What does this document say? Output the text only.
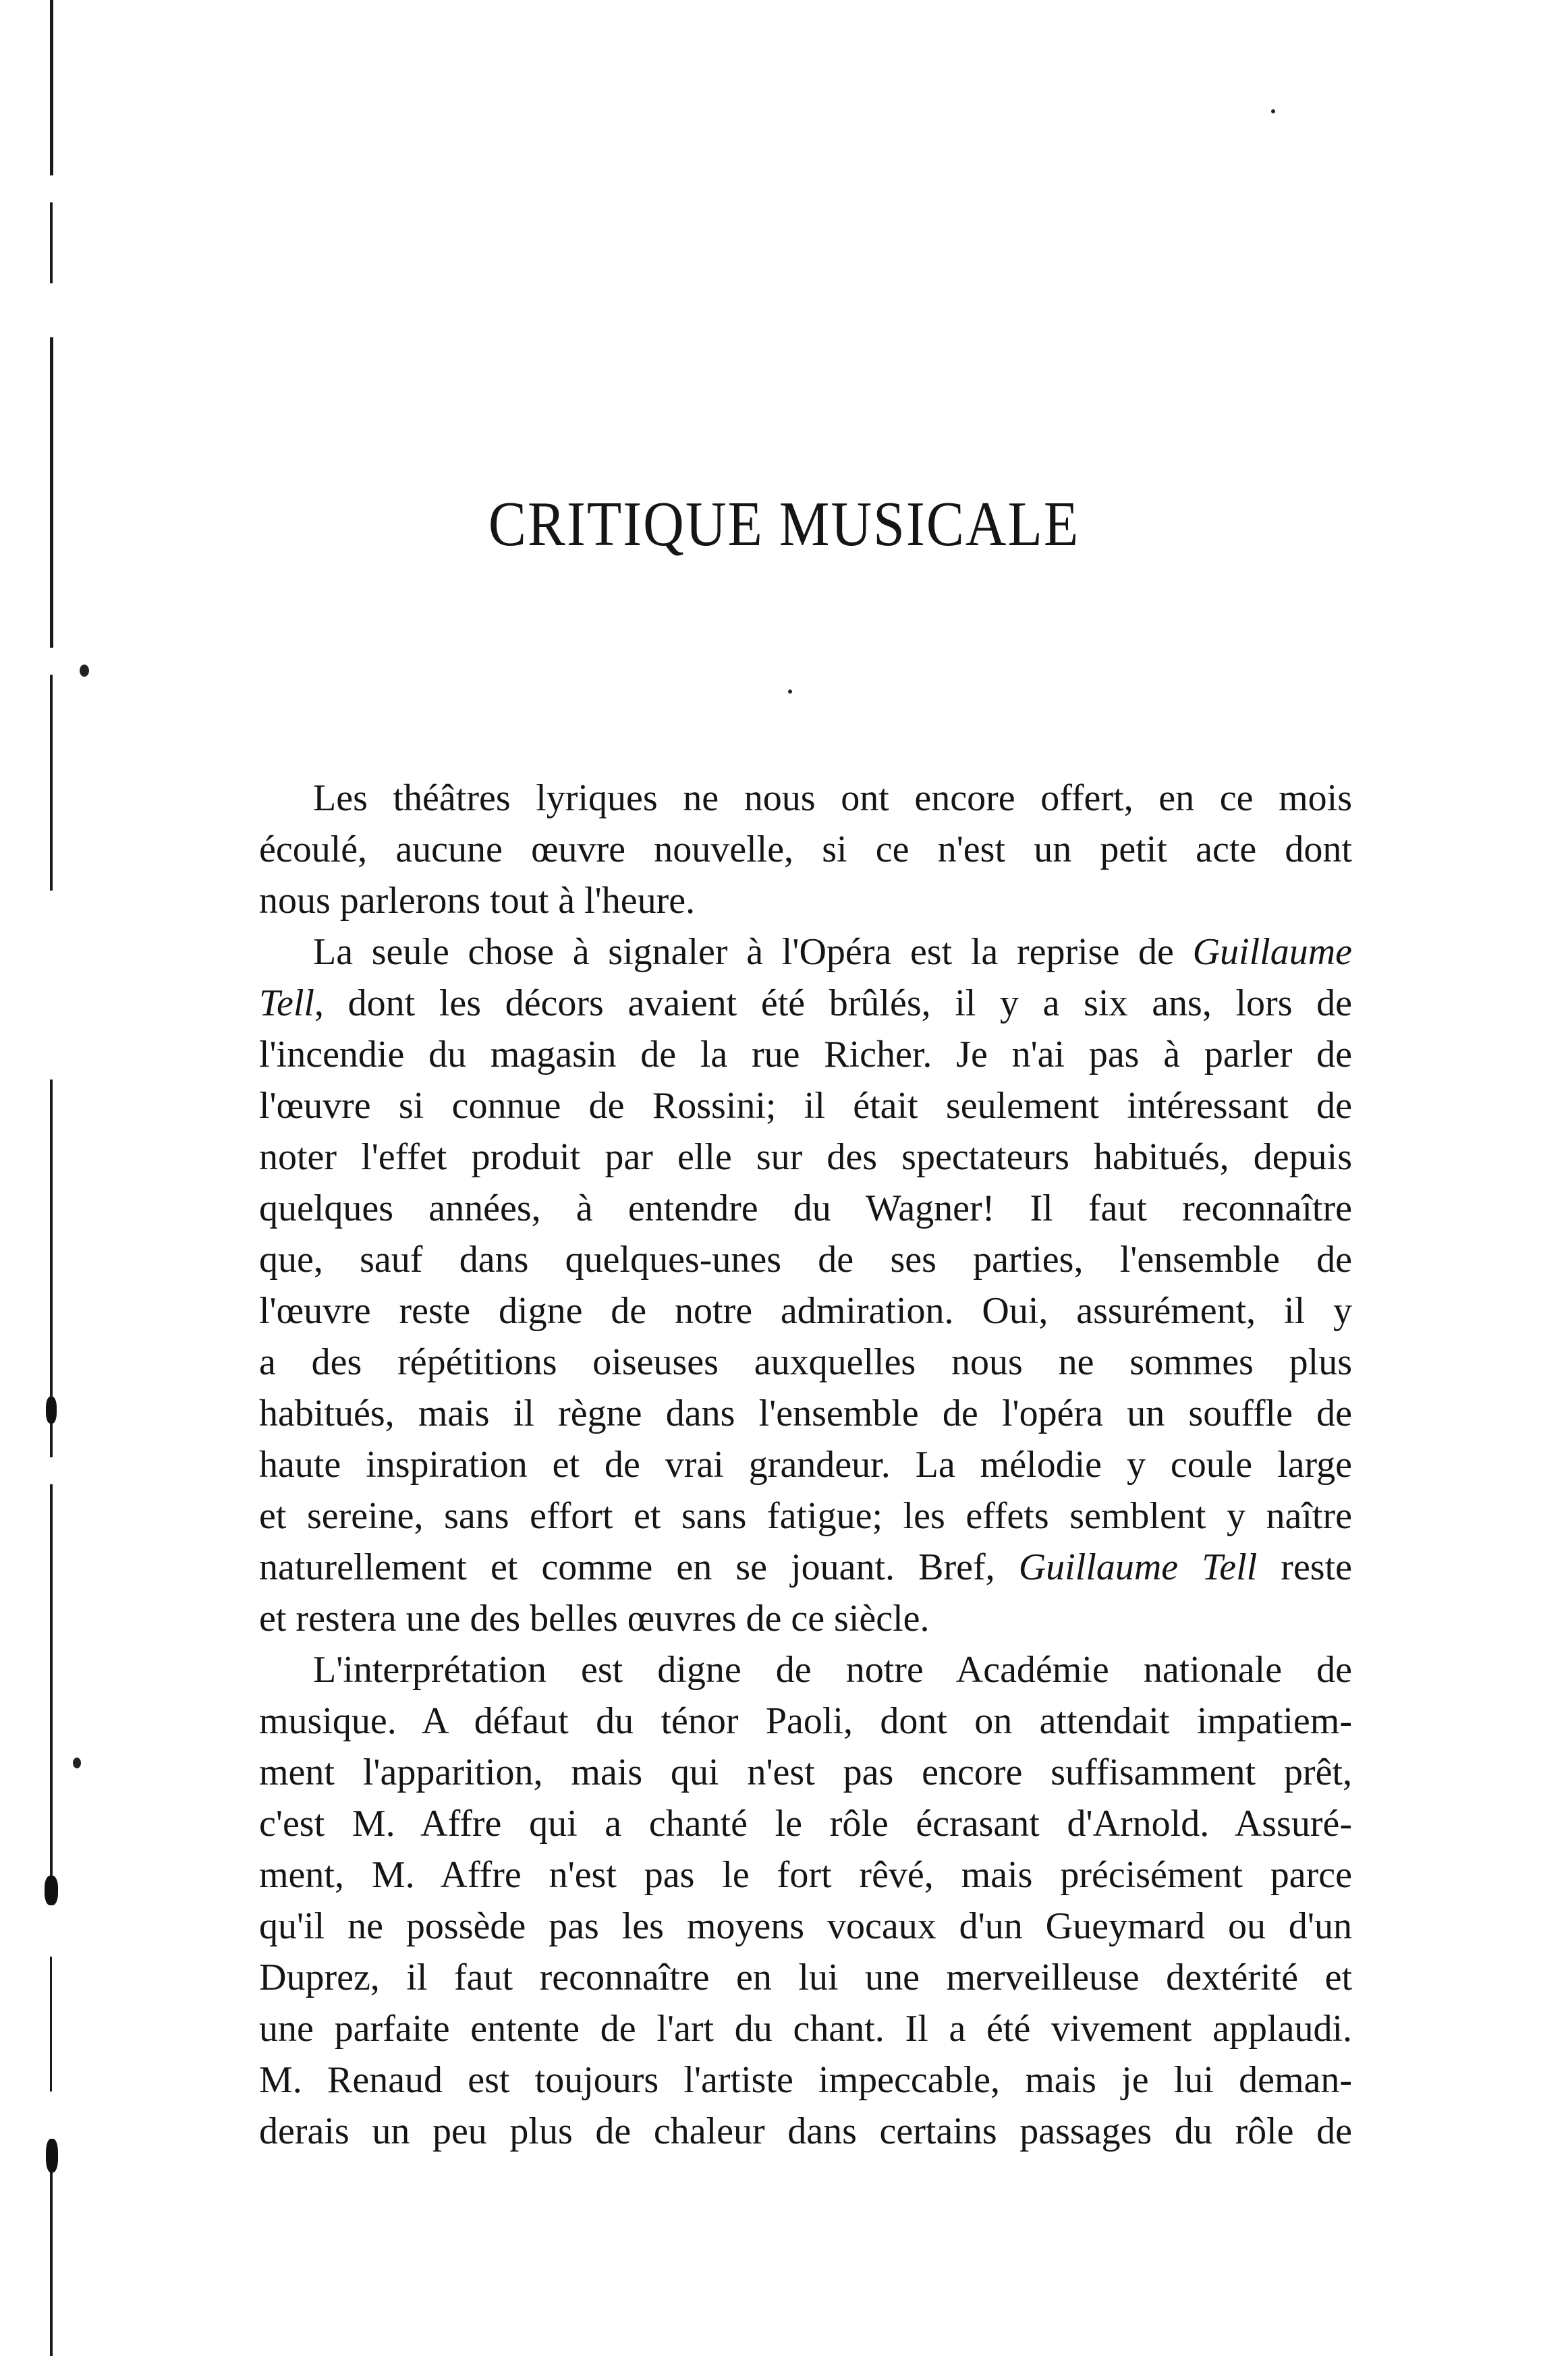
CRITIQUE MUSICALE
Les théâtres lyriques ne nous ont encore offert, en ce mois
écoulé, aucune œuvre nouvelle, si ce n'est un petit acte dont
nous parlerons tout à l'heure.
La seule chose à signaler à l'Opéra est la reprise de Guillaume
Tell, dont les décors avaient été brûlés, il y a six ans, lors de
l'incendie du magasin de la rue Richer. Je n'ai pas à parler de
l'œuvre si connue de Rossini; il était seulement intéressant de
noter l'effet produit par elle sur des spectateurs habitués, depuis
quelques années, à entendre du Wagner! Il faut reconnaître
que, sauf dans quelques-unes de ses parties, l'ensemble de
l'œuvre reste digne de notre admiration. Oui, assurément, il y
a des répétitions oiseuses auxquelles nous ne sommes plus
habitués, mais il règne dans l'ensemble de l'opéra un souffle de
haute inspiration et de vrai grandeur. La mélodie y coule large
et sereine, sans effort et sans fatigue; les effets semblent y naître
naturellement et comme en se jouant. Bref, Guillaume Tell reste
et restera une des belles œuvres de ce siècle.
L'interprétation est digne de notre Académie nationale de
musique. A défaut du ténor Paoli, dont on attendait impatiem-
ment l'apparition, mais qui n'est pas encore suffisamment prêt,
c'est M. Affre qui a chanté le rôle écrasant d'Arnold. Assuré-
ment, M. Affre n'est pas le fort rêvé, mais précisément parce
qu'il ne possède pas les moyens vocaux d'un Gueymard ou d'un
Duprez, il faut reconnaître en lui une merveilleuse dextérité et
une parfaite entente de l'art du chant. Il a été vivement applaudi.
M. Renaud est toujours l'artiste impeccable, mais je lui deman-
derais un peu plus de chaleur dans certains passages du rôle de
